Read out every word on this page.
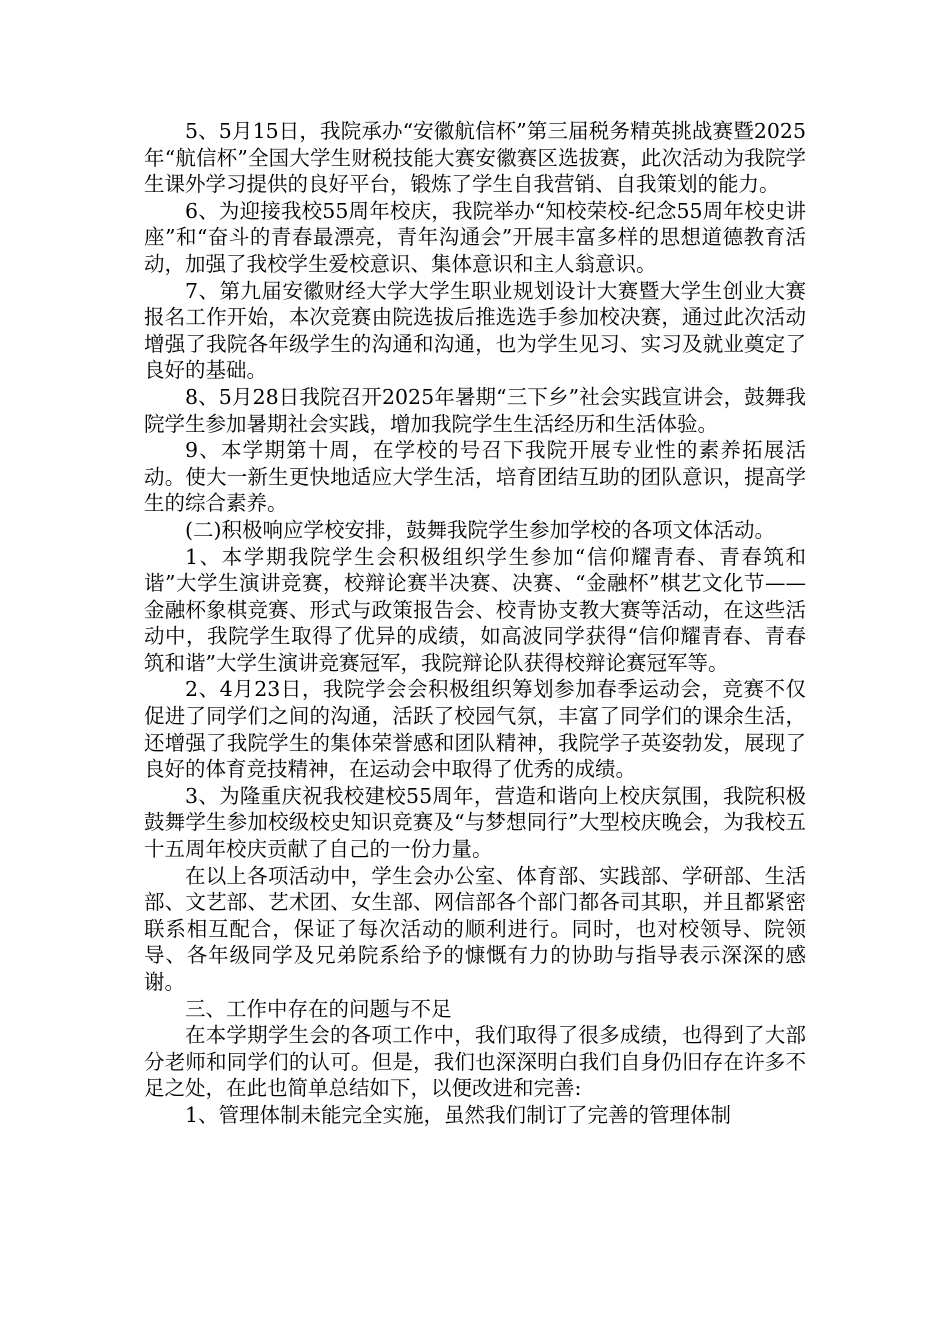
5、5月15日，我院承办“安徽航信杯”第三届税务精英挑战赛暨2025年“航信杯”全国大学生财税技能大赛安徽赛区选拔赛，此次活动为我院学生课外学习提供的良好平台，锻炼了学生自我营销、自我策划的能力。

6、为迎接我校55周年校庆，我院举办“知校荣校-纪念55周年校史讲座”和“奋斗的青春最漂亮，青年沟通会”开展丰富多样的思想道德教育活动，加强了我校学生爱校意识、集体意识和主人翁意识。

7、第九届安徽财经大学大学生职业规划设计大赛暨大学生创业大赛报名工作开始，本次竞赛由院选拔后推选选手参加校决赛，通过此次活动增强了我院各年级学生的沟通和沟通，也为学生见习、实习及就业奠定了良好的基础。

8、5月28日我院召开2025年暑期“三下乡”社会实践宣讲会，鼓舞我院学生参加暑期社会实践，增加我院学生生活经历和生活体验。

9、本学期第十周，在学校的号召下我院开展专业性的素养拓展活动。使大一新生更快地适应大学生活，培育团结互助的团队意识，提高学生的综合素养。

(二)积极响应学校安排，鼓舞我院学生参加学校的各项文体活动。

1、本学期我院学生会积极组织学生参加“信仰耀青春、青春筑和谐”大学生演讲竞赛，校辩论赛半决赛、决赛、“金融杯”棋艺文化节——金融杯象棋竞赛、形式与政策报告会、校青协支教大赛等活动，在这些活动中，我院学生取得了优异的成绩，如高波同学获得“信仰耀青春、青春筑和谐”大学生演讲竞赛冠军，我院辩论队获得校辩论赛冠军等。

2、4月23日，我院学会会积极组织筹划参加春季运动会，竞赛不仅促进了同学们之间的沟通，活跃了校园气氛，丰富了同学们的课余生活，还增强了我院学生的集体荣誉感和团队精神，我院学子英姿勃发，展现了良好的体育竞技精神，在运动会中取得了优秀的成绩。

3、为隆重庆祝我校建校55周年，营造和谐向上校庆氛围，我院积极鼓舞学生参加校级校史知识竞赛及“与梦想同行”大型校庆晚会，为我校五十五周年校庆贡献了自己的一份力量。

在以上各项活动中，学生会办公室、体育部、实践部、学研部、生活部、文艺部、艺术团、女生部、网信部各个部门都各司其职，并且都紧密联系相互配合，保证了每次活动的顺利进行。同时，也对校领导、院领导、各年级同学及兄弟院系给予的慷慨有力的协助与指导表示深深的感谢。

三、工作中存在的问题与不足

在本学期学生会的各项工作中，我们取得了很多成绩，也得到了大部分老师和同学们的认可。但是，我们也深深明白我们自身仍旧存在许多不足之处，在此也简单总结如下，以便改进和完善:

1、管理体制未能完全实施，虽然我们制订了完善的管理体制
